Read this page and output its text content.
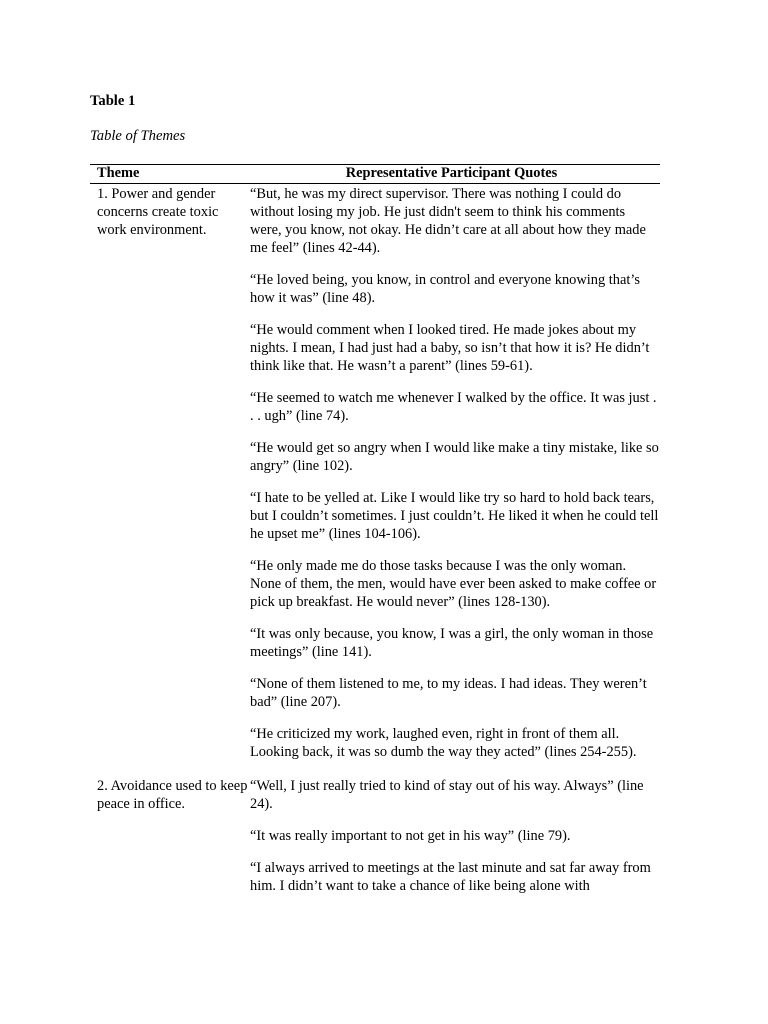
Table 1
Table of Themes
Theme	Representative Participant Quotes
1. Power and gender concerns create toxic work environment.

“But, he was my direct supervisor. There was nothing I could do without losing my job. He just didn't seem to think his comments were, you know, not okay. He didn’t care at all about how they made me feel” (lines 42-44).

“He loved being, you know, in control and everyone knowing that’s how it was” (line 48).

“He would comment when I looked tired. He made jokes about my nights. I mean, I had just had a baby, so isn’t that how it is? He didn’t think like that. He wasn’t a parent” (lines 59-61).

“He seemed to watch me whenever I walked by the office. It was just . . . ugh” (line 74).

“He would get so angry when I would like make a tiny mistake, like so angry” (line 102).

“I hate to be yelled at. Like I would like try so hard to hold back tears, but I couldn’t sometimes. I just couldn’t. He liked it when he could tell he upset me” (lines 104-106).

“He only made me do those tasks because I was the only woman. None of them, the men, would have ever been asked to make coffee or pick up breakfast. He would never” (lines 128-130).

“It was only because, you know, I was a girl, the only woman in those meetings” (line 141).

“None of them listened to me, to my ideas. I had ideas. They weren’t bad” (line 207).

“He criticized my work, laughed even, right in front of them all. Looking back, it was so dumb the way they acted” (lines 254-255).

2. Avoidance used to keep peace in office.

“Well, I just really tried to kind of stay out of his way. Always” (line 24).

“It was really important to not get in his way” (line 79).

“I always arrived to meetings at the last minute and sat far away from him. I didn’t want to take a chance of like being alone with
